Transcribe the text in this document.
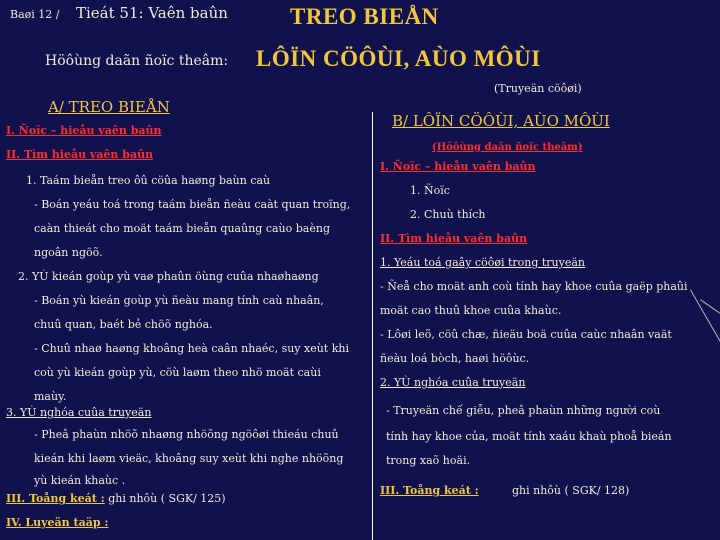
Baøi 12 / Tieát 51: Vaên baûn	TREO BIEÅN
Höôùng daãn ñoïc theâm: LÔÏN CÖÔÙI, AÙO MÔÙI
(Truyeän cöôøi)
A/ TREO BIEÅN
I. Ñoïc – hieåu vaên baûn
II. Tìm hieåu vaên baûn
1. Taám bieån treo ôû cöûa haøng baùn caù
- Boán yeáu toá trong taám bieån ñeàu caàt quan troïng,
caàn thieát cho moät taám bieån quaûng caùo baèng
ngoân ngöõ.
2. YÙ kieán goùp yù vaø phaûn öùng cuûa nhaøhaøng
- Boán yù kieán goùp yù ñeàu mang tính caù nhaân,
chuû quan, baét bẻ chöõ nghóa.
- Chuû nhaø haøng khoâng heà caân nhaéc, suy xeùt khi
coù yù kieán goùp yù, cöù laøm theo nhö moät caùi
maùy.
3. YÙ nghóa cuûa truyeän
- Pheâ phaùn nhöõ nhaøng nhöõng ngöôøi thieáu chuû
kieán khi laøm vieäc, khoâng suy xeùt khi nghe nhöõng
yù kieán khaùc .
III. Toång keát : ghi nhôù ( SGK/ 125)
IV. Luyeän taäp :
B/ LÔÏN CÖÔÙI, AÙO MÔÙI
(Höôùng daãn ñoïc theâm)
I. Ñoïc – hieåu vaên baûn
1. Ñoïc
2. Chuù thích
II. Tìm hieåu vaên baûn
1. Yeáu toá gaây cöôøi trong truyeän
- Ñeå cho moät anh coù tính hay khoe cuûa gaëp phaûi
moät cao thuû khoe cuûa khaùc.
- Lôøi leõ, cöû chæ, ñieäu boä cuûa caùc nhaân vaät
ñeàu loá bòch, haøi höôùc.
2. YÙ nghóa cuûa truyeän
- Truyeän chế giễu, pheâ phaùn những người coù
tính hay khoe của, moät tính xaáu khaù phoå bieán
trong xaõ hoäi.
III. Toång keát :	ghi nhôù ( SGK/ 128)
